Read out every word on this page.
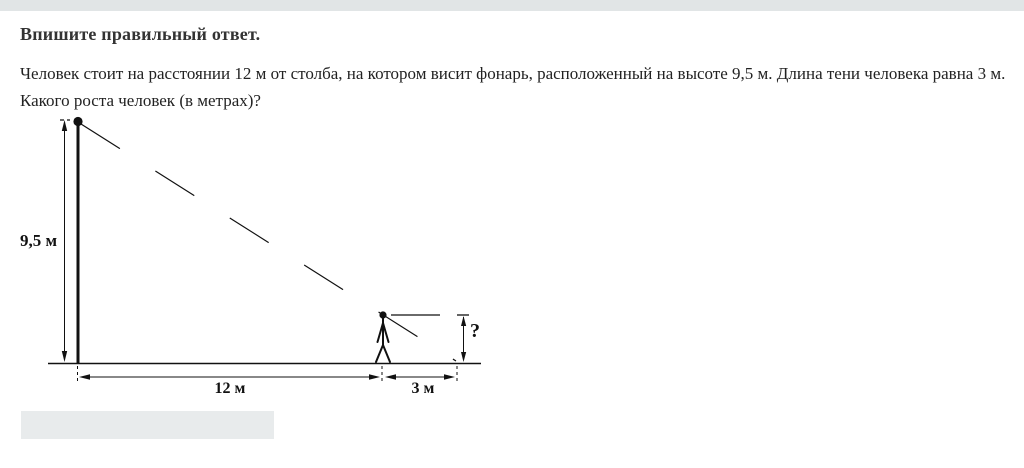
Впишите правильный ответ.
Человек стоит на расстоянии 12 м от столба, на котором висит фонарь, расположенный на высоте 9,5 м. Длина тени человека равна 3 м. Какого роста человек (в метрах)?
9,5 м
?
12 м	3 м
